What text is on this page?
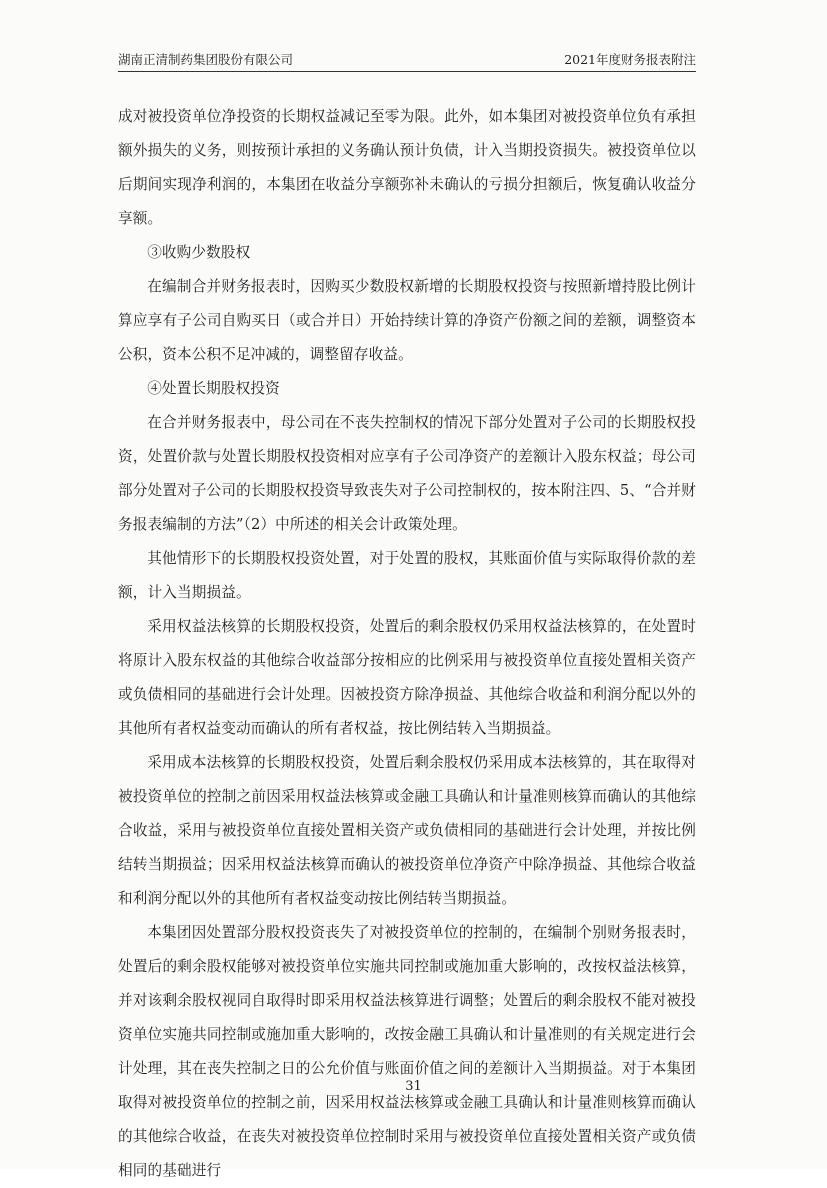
湖南正清制药集团股份有限公司	2021年度财务报表附注

成对被投资单位净投资的长期权益减记至零为限。此外，如本集团对被投资单位负有承担额外损失的义务，则按预计承担的义务确认预计负债，计入当期投资损失。被投资单位以后期间实现净利润的，本集团在收益分享额弥补未确认的亏损分担额后，恢复确认收益分享额。

③收购少数股权

在编制合并财务报表时，因购买少数股权新增的长期股权投资与按照新增持股比例计算应享有子公司自购买日（或合并日）开始持续计算的净资产份额之间的差额，调整资本公积，资本公积不足冲减的，调整留存收益。

④处置长期股权投资

在合并财务报表中，母公司在不丧失控制权的情况下部分处置对子公司的长期股权投资，处置价款与处置长期股权投资相对应享有子公司净资产的差额计入股东权益；母公司部分处置对子公司的长期股权投资导致丧失对子公司控制权的，按本附注四、5、“合并财务报表编制的方法”（2）中所述的相关会计政策处理。

其他情形下的长期股权投资处置，对于处置的股权，其账面价值与实际取得价款的差额，计入当期损益。

采用权益法核算的长期股权投资，处置后的剩余股权仍采用权益法核算的，在处置时将原计入股东权益的其他综合收益部分按相应的比例采用与被投资单位直接处置相关资产或负债相同的基础进行会计处理。因被投资方除净损益、其他综合收益和利润分配以外的其他所有者权益变动而确认的所有者权益，按比例结转入当期损益。

采用成本法核算的长期股权投资，处置后剩余股权仍采用成本法核算的，其在取得对被投资单位的控制之前因采用权益法核算或金融工具确认和计量准则核算而确认的其他综合收益，采用与被投资单位直接处置相关资产或负债相同的基础进行会计处理，并按比例结转当期损益；因采用权益法核算而确认的被投资单位净资产中除净损益、其他综合收益和利润分配以外的其他所有者权益变动按比例结转当期损益。

本集团因处置部分股权投资丧失了对被投资单位的控制的，在编制个别财务报表时，处置后的剩余股权能够对被投资单位实施共同控制或施加重大影响的，改按权益法核算，并对该剩余股权视同自取得时即采用权益法核算进行调整；处置后的剩余股权不能对被投资单位实施共同控制或施加重大影响的，改按金融工具确认和计量准则的有关规定进行会计处理，其在丧失控制之日的公允价值与账面价值之间的差额计入当期损益。对于本集团取得对被投资单位的控制之前，因采用权益法核算或金融工具确认和计量准则核算而确认的其他综合收益，在丧失对被投资单位控制时采用与被投资单位直接处置相关资产或负债相同的基础进行

31
